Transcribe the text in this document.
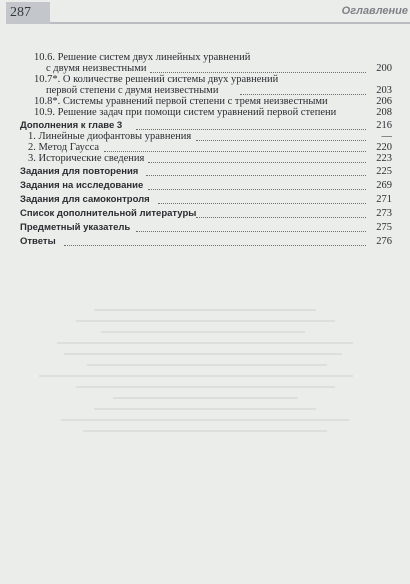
287	Оглавление
10.6. Решение систем двух линейных уравнений
с двумя неизвестными	200
10.7*. О количестве решений системы двух уравнений
первой степени с двумя неизвестными	203
10.8*. Системы уравнений первой степени с тремя неизвестными	206
10.9. Решение задач при помощи систем уравнений первой степени	208
Дополнения к главе 3	216
1. Линейные диофантовы уравнения	—
2. Метод Гаусса	220
3. Исторические сведения	223
Задания для повторения	225
Задания на исследование	269
Задания для самоконтроля	271
Список дополнительной литературы	273
Предметный указатель	275
Ответы	276
